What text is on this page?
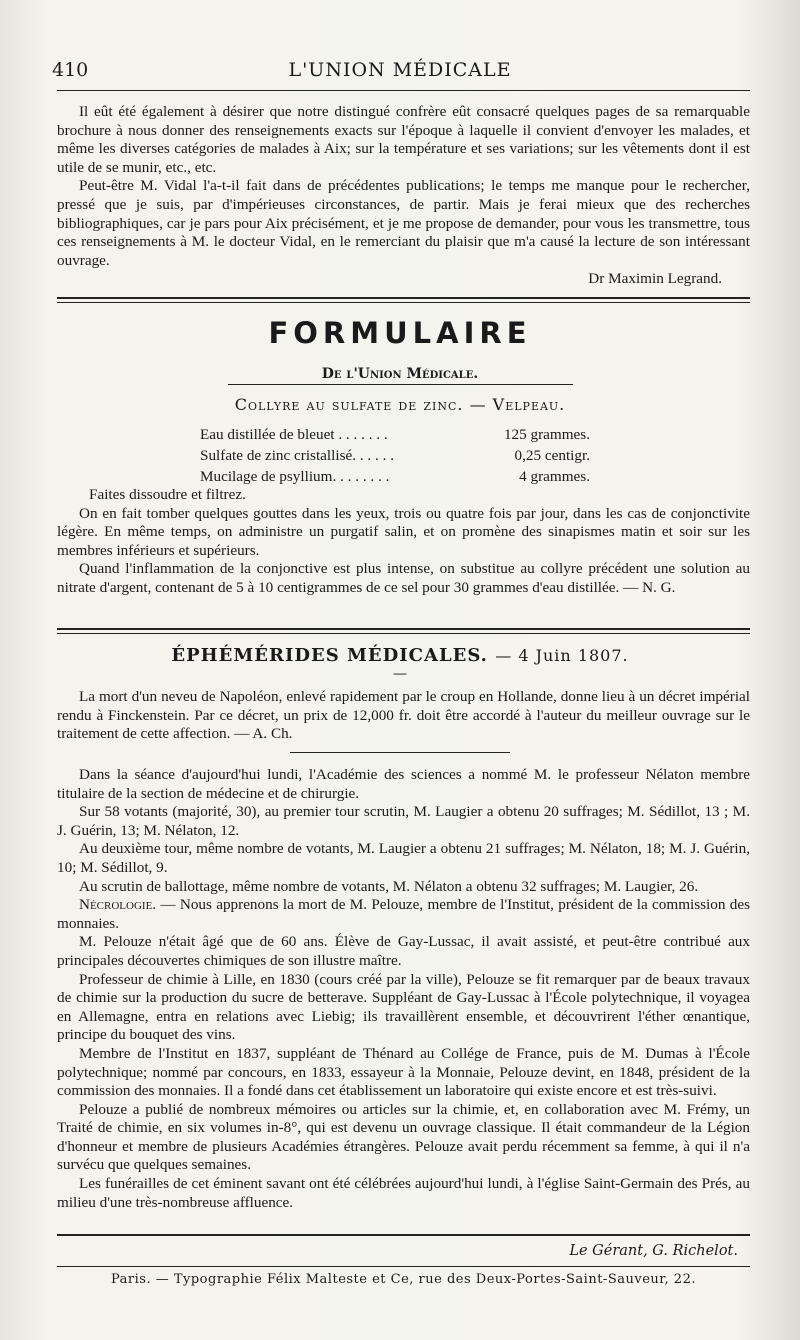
410	L'UNION MÉDICALE

Il eût été également à désirer que notre distingué confrère eût consacré quelques pages de sa remarquable brochure à nous donner des renseignements exacts sur l'époque à laquelle il convient d'envoyer les malades, et même les diverses catégories de malades à Aix; sur la température et ses variations; sur les vêtements dont il est utile de se munir, etc., etc.

Peut-être M. Vidal l'a-t-il fait dans de précédentes publications; le temps me manque pour le rechercher, pressé que je suis, par d'impérieuses circonstances, de partir. Mais je ferai mieux que des recherches bibliographiques, car je pars pour Aix précisément, et je me propose de demander, pour vous les transmettre, tous ces renseignements à M. le docteur Vidal, en le remerciant du plaisir que m'a causé la lecture de son intéressant ouvrage.

Dr Maximin Legrand.

FORMULAIRE
De l'Union Médicale.
Collyre au sulfate de zinc. — Velpeau.
Eau distillée de bleuet . . . . . . .	125 grammes.
Sulfate de zinc cristallisé. . . . . .	0,25 centigr.
Mucilage de psyllium. . . . . . . .	4 grammes.

Faites dissoudre et filtrez.

On en fait tomber quelques gouttes dans les yeux, trois ou quatre fois par jour, dans les cas de conjonctivite légère. En même temps, on administre un purgatif salin, et on promène des sinapismes matin et soir sur les membres inférieurs et supérieurs.

Quand l'inflammation de la conjonctive est plus intense, on substitue au collyre précédent une solution au nitrate d'argent, contenant de 5 à 10 centigrammes de ce sel pour 30 grammes d'eau distillée. — N. G.

ÉPHÉMÉRIDES MÉDICALES. — 4 Juin 1807.
—

La mort d'un neveu de Napoléon, enlevé rapidement par le croup en Hollande, donne lieu à un décret impérial rendu à Finckenstein. Par ce décret, un prix de 12,000 fr. doit être accordé à l'auteur du meilleur ouvrage sur le traitement de cette affection. — A. Ch.

Dans la séance d'aujourd'hui lundi, l'Académie des sciences a nommé M. le professeur Nélaton membre titulaire de la section de médecine et de chirurgie.

Sur 58 votants (majorité, 30), au premier tour scrutin, M. Laugier a obtenu 20 suffrages; M. Sédillot, 13 ; M. J. Guérin, 13; M. Nélaton, 12.

Au deuxième tour, même nombre de votants, M. Laugier a obtenu 21 suffrages; M. Nélaton, 18; M. J. Guérin, 10; M. Sédillot, 9.

Au scrutin de ballottage, même nombre de votants, M. Nélaton a obtenu 32 suffrages; M. Laugier, 26.

Nécrologie. — Nous apprenons la mort de M. Pelouze, membre de l'Institut, président de la commission des monnaies.

M. Pelouze n'était âgé que de 60 ans. Élève de Gay-Lussac, il avait assisté, et peut-être contribué aux principales découvertes chimiques de son illustre maître.

Professeur de chimie à Lille, en 1830 (cours créé par la ville), Pelouze se fit remarquer par de beaux travaux de chimie sur la production du sucre de betterave. Suppléant de Gay-Lussac à l'École polytechnique, il voyagea en Allemagne, entra en relations avec Liebig; ils travaillèrent ensemble, et découvrirent l'éther œnantique, principe du bouquet des vins.

Membre de l'Institut en 1837, suppléant de Thénard au Collége de France, puis de M. Dumas à l'École polytechnique; nommé par concours, en 1833, essayeur à la Monnaie, Pelouze devint, en 1848, président de la commission des monnaies. Il a fondé dans cet établissement un laboratoire qui existe encore et est très-suivi.

Pelouze a publié de nombreux mémoires ou articles sur la chimie, et, en collaboration avec M. Frémy, un Traité de chimie, en six volumes in-8°, qui est devenu un ouvrage classique. Il était commandeur de la Légion d'honneur et membre de plusieurs Académies étrangères. Pelouze avait perdu récemment sa femme, à qui il n'a survécu que quelques semaines.

Les funérailles de cet éminent savant ont été célébrées aujourd'hui lundi, à l'église Saint-Germain des Prés, au milieu d'une très-nombreuse affluence.

Le Gérant, G. Richelot.

Paris. — Typographie Félix Malteste et Ce, rue des Deux-Portes-Saint-Sauveur, 22.
